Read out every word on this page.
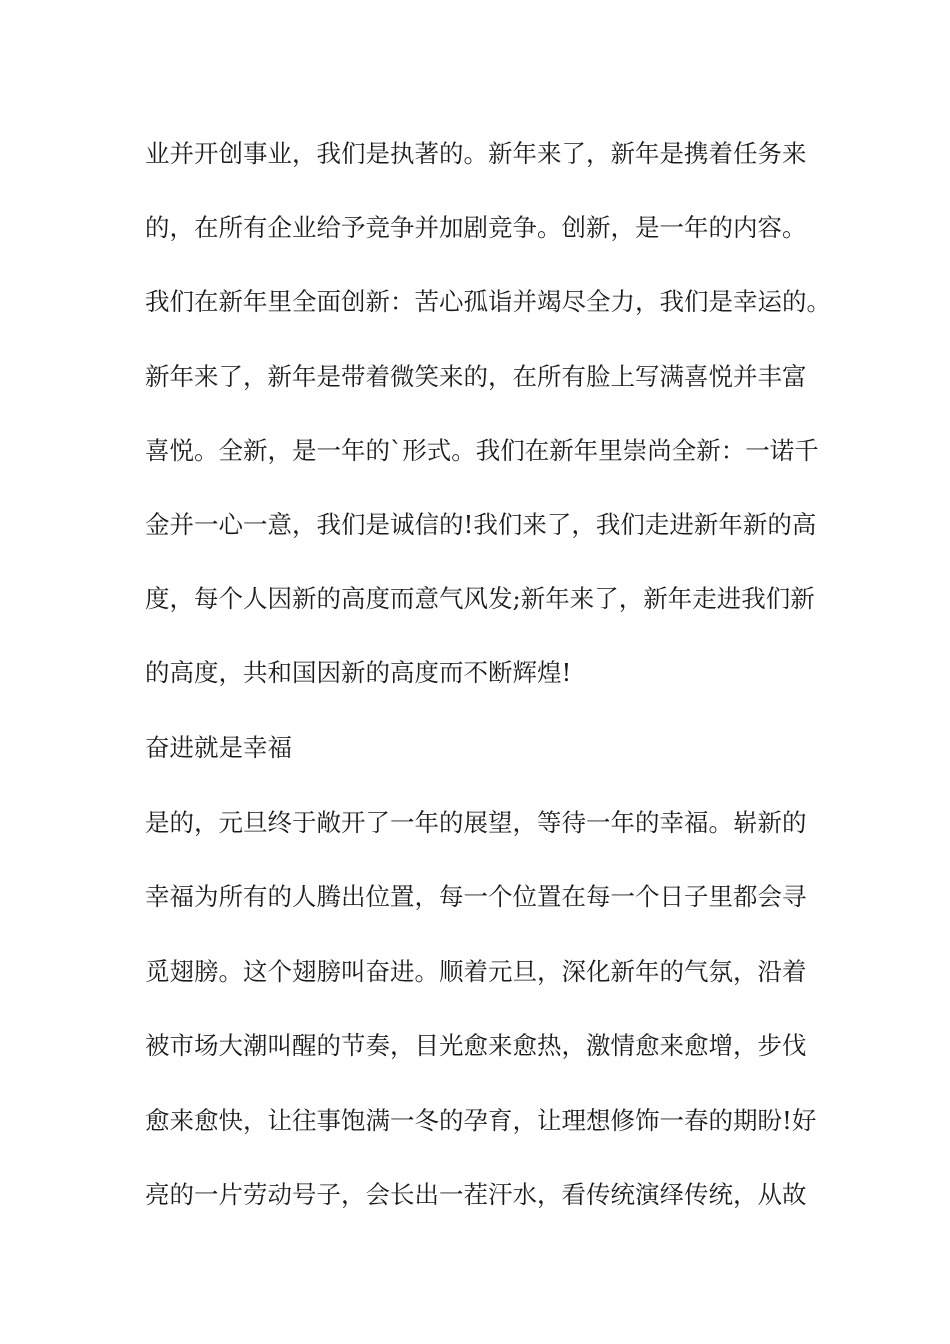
业并开创事业，我们是执著的。新年来了，新年是携着任务来
的，在所有企业给予竞争并加剧竞争。创新，是一年的内容。
我们在新年里全面创新：苦心孤诣并竭尽全力，我们是幸运的。
新年来了，新年是带着微笑来的，在所有脸上写满喜悦并丰富
喜悦。全新，是一年的`形式。我们在新年里崇尚全新：一诺千
金并一心一意，我们是诚信的!我们来了，我们走进新年新的高
度，每个人因新的高度而意气风发;新年来了，新年走进我们新
的高度，共和国因新的高度而不断辉煌!
奋进就是幸福
是的，元旦终于敞开了一年的展望，等待一年的幸福。崭新的
幸福为所有的人腾出位置，每一个位置在每一个日子里都会寻
觅翅膀。这个翅膀叫奋进。顺着元旦，深化新年的气氛，沿着
被市场大潮叫醒的节奏，目光愈来愈热，激情愈来愈增，步伐
愈来愈快，让往事饱满一冬的孕育，让理想修饰一春的期盼!好
亮的一片劳动号子，会长出一茬汗水，看传统演绎传统，从故
